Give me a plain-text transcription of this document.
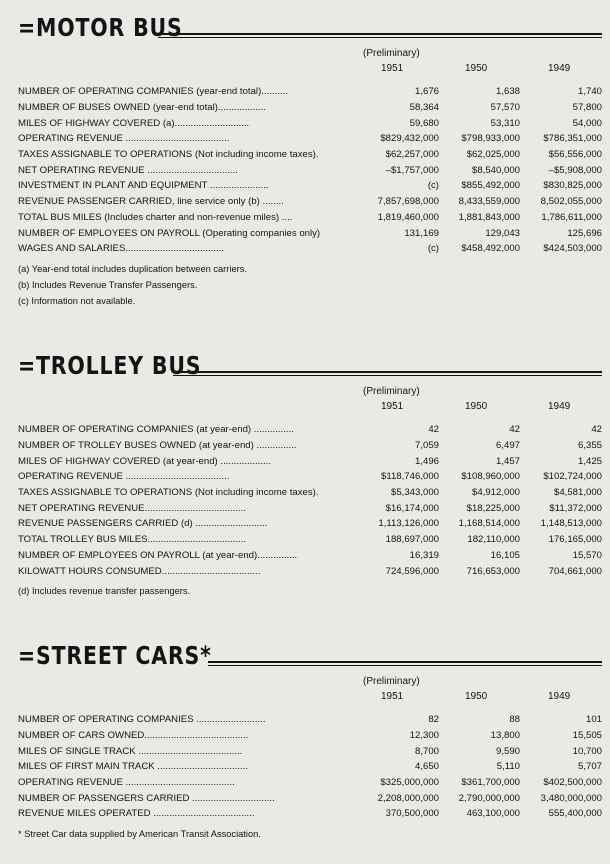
=MOTOR BUS
(Preliminary)
1951	1950	1949
NUMBER OF OPERATING COMPANIES (year-end total)..........	1,676	1,638	1,740
NUMBER OF BUSES OWNED (year-end total)..................	58,364	57,570	57,800
MILES OF HIGHWAY COVERED (a)............................	59,680	53,310	54,000
OPERATING REVENUE .......................................	$829,432,000	$798,933,000	$786,351,000
TAXES ASSIGNABLE TO OPERATIONS (Not including income taxes).	$62,257,000	$62,025,000	$56,556,000
NET OPERATING REVENUE ..................................	–$1,757,000	$8,540,000	–$5,908,000
INVESTMENT IN PLANT AND EQUIPMENT ......................	(c)	$855,492,000	$830,825,000
REVENUE PASSENGER CARRIED, line service only (b) ........	7,857,698,000	8,433,559,000	8,502,055,000
TOTAL BUS MILES (Includes charter and non-revenue miles) ....	1,819,460,000	1,881,843,000	1,786,611,000
NUMBER OF EMPLOYEES ON PAYROLL (Operating companies only)	131,169	129,043	125,696
WAGES AND SALARIES.....................................	(c)	$458,492,000	$424,503,000
(a) Year-end total includes duplication between carriers.
(b) Includes Revenue Transfer Passengers.
(c) Information not available.
=TROLLEY BUS
(Preliminary)
1951	1950	1949
NUMBER OF OPERATING COMPANIES (at year-end) ...............	42	42	42
NUMBER OF TROLLEY BUSES OWNED (at year-end) ...............	7,059	6,497	6,355
MILES OF HIGHWAY COVERED (at year-end) ...................	1,496	1,457	1,425
OPERATING REVENUE .......................................	$118,746,000	$108,960,000	$102,724,000
TAXES ASSIGNABLE TO OPERATIONS (Not including income taxes).	$5,343,000	$4,912,000	$4,581,000
NET OPERATING REVENUE......................................	$16,174,000	$18,225,000	$11,372,000
REVENUE PASSENGERS CARRIED (d) ...........................	1,113,126,000	1,168,514,000	1,148,513,000
TOTAL TROLLEY BUS MILES.....................................	188,697,000	182,110,000	176,165,000
NUMBER OF EMPLOYEES ON PAYROLL (at year-end)...............	16,319	16,105	15,570
KILOWATT HOURS CONSUMED.....................................	724,596,000	716,653,000	704,661,000
(d) Includes revenue transfer passengers.
=STREET CARS*
(Preliminary)
1951	1950	1949
NUMBER OF OPERATING COMPANIES ..........................	82	88	101
NUMBER OF CARS OWNED.......................................	12,300	13,800	15,505
MILES OF SINGLE TRACK .......................................	8,700	9,590	10,700
MILES OF FIRST MAIN TRACK ..................................	4,650	5,110	5,707
OPERATING REVENUE .........................................	$325,000,000	$361,700,000	$402,500,000
NUMBER OF PASSENGERS CARRIED ...............................	2,208,000,000	2,790,000,000	3,480,000,000
REVENUE MILES OPERATED ......................................	370,500,000	463,100,000	555,400,000
* Street Car data supplied by American Transit Association.
